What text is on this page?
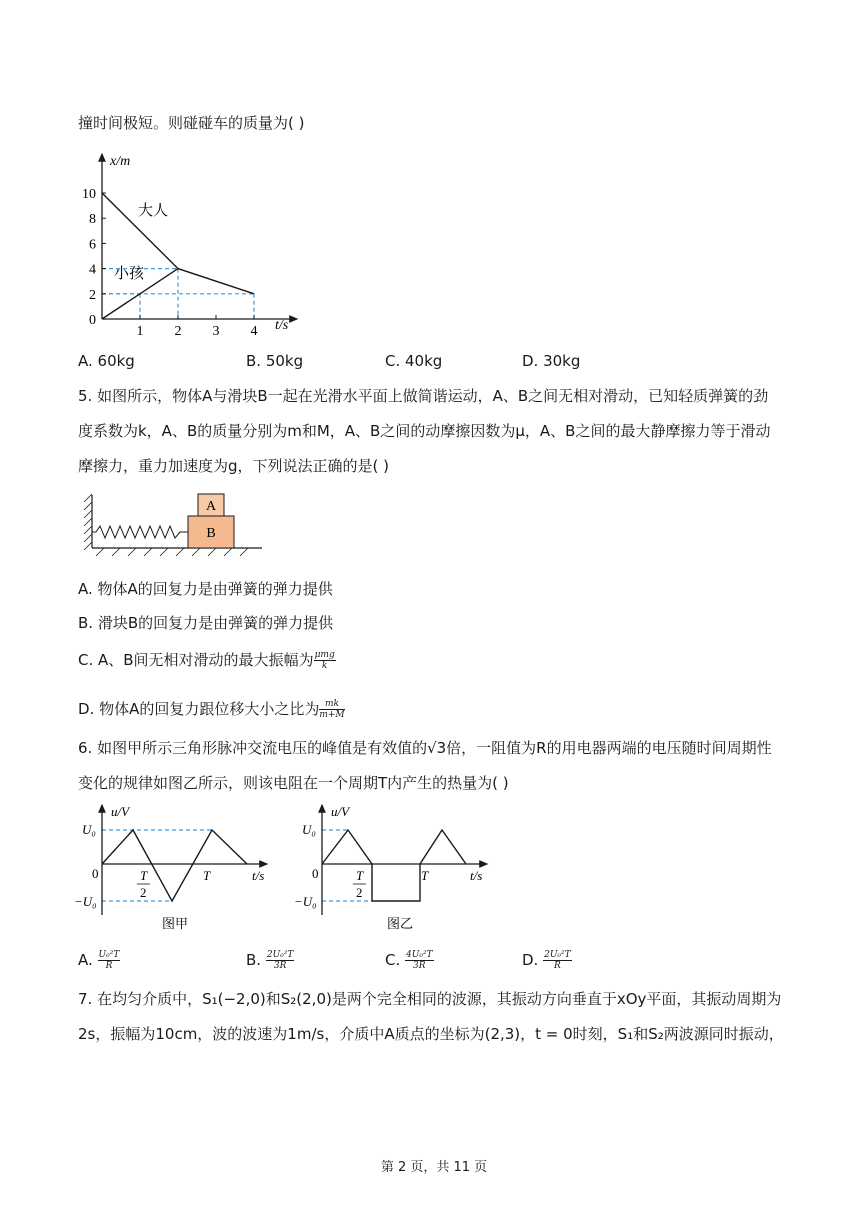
撞时间极短。则碰碰车的质量为( )
10
8
6
4
2
0
1 2 3 4
x/m
t/s
大人
小孩
A. 60kg	B. 50kg	C. 40kg	D. 30kg
5. 如图所示，物体A与滑块B一起在光滑水平面上做简谐运动，A、B之间无相对滑动，已知轻质弹簧的劲
度系数为k，A、B的质量分别为m和M，A、B之间的动摩擦因数为μ，A、B之间的最大静摩擦力等于滑动
摩擦力，重力加速度为g，下列说法正确的是( )
B
A
A. 物体A的回复力是由弹簧的弹力提供
B. 滑块B的回复力是由弹簧的弹力提供
C. A、B间无相对滑动的最大振幅为 $\frac{\text{μmg}}{k}$
D. 物体A的回复力跟位移大小之比为 $\frac{mk}{m+M}$
6. 如图甲所示三角形脉冲交流电压的峰值是有效值的√3倍，一阻值为R的用电器两端的电压随时间周期性
变化的规律如图乙所示，则该电阻在一个周期T内产生的热量为( )
u/V
U₀
−U₀
0	T
2
T	t/s
图甲
u/V
U₀
−U₀
0	T
2
T	t/s
图乙
A. $\frac{\text{U₀²T}}{R}$	B. $\frac{\text{2U₀²T}}{3R}$	C. $\frac{\text{4U₀²T}}{3R}$	D. $\frac{\text{2U₀²T}}{R}$
7. 在均匀介质中，S₁(−2,0)和S₂(2,0)是两个完全相同的波源，其振动方向垂直于xOy平面，其振动周期为
2s，振幅为10cm，波的波速为1m/s，介质中A质点的坐标为(2,3)，t = 0时刻，S₁和S₂两波源同时振动，
第 2 页，共 11 页
